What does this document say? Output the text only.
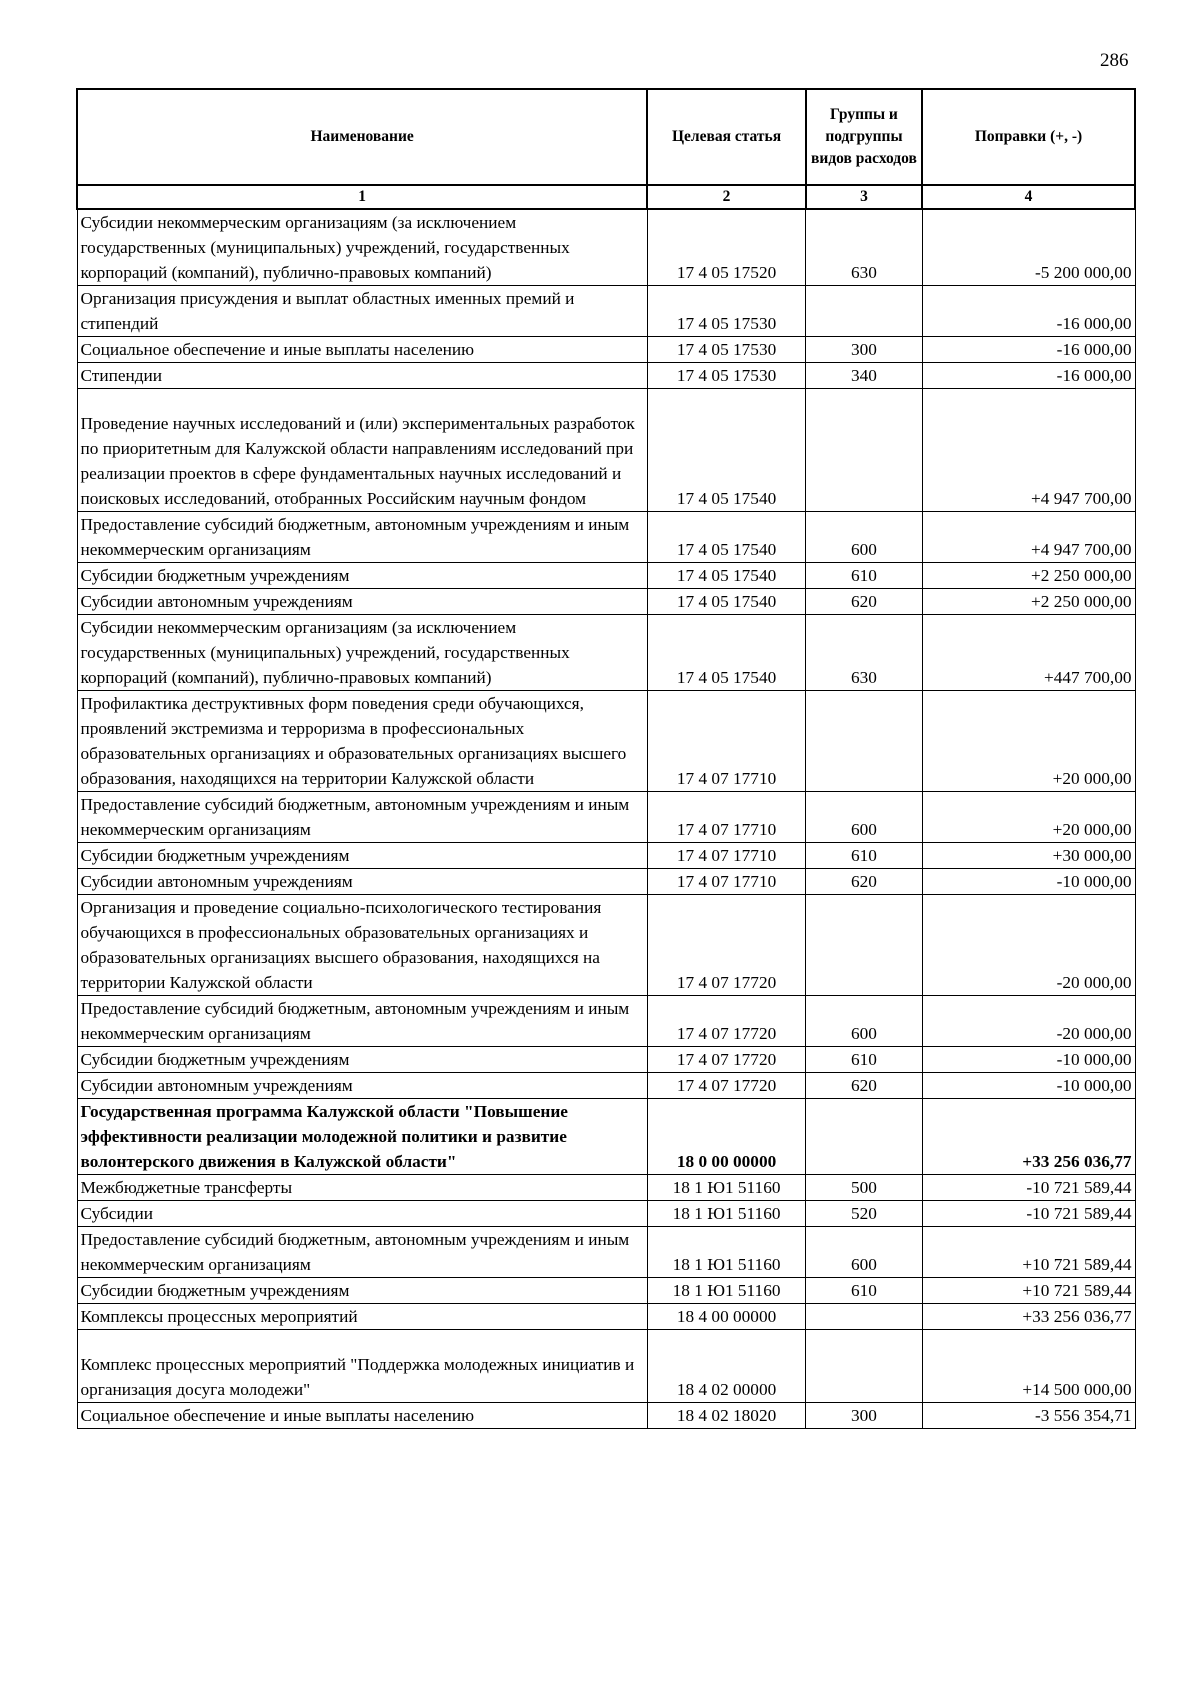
286
Наименование	Целевая статья	Группы и подгруппы видов расходов	Поправки (+, -)
1	2	3	4
Субсидии некоммерческим организациям (за исключением государственных (муниципальных) учреждений, государственных корпораций (компаний), публично-правовых компаний)	17 4 05 17520	630	-5 200 000,00
Организация присуждения и выплат областных именных премий и стипендий	17 4 05 17530		-16 000,00
Социальное обеспечение и иные выплаты населению	17 4 05 17530	300	-16 000,00
Стипендии	17 4 05 17530	340	-16 000,00
Проведение научных исследований и (или) экспериментальных разработок по приоритетным для Калужской области направлениям исследований при реализации проектов в сфере фундаментальных научных исследований и поисковых исследований, отобранных Российским научным фондом	17 4 05 17540		+4 947 700,00
Предоставление субсидий бюджетным, автономным учреждениям и иным некоммерческим организациям	17 4 05 17540	600	+4 947 700,00
Субсидии бюджетным учреждениям	17 4 05 17540	610	+2 250 000,00
Субсидии автономным учреждениям	17 4 05 17540	620	+2 250 000,00
Субсидии некоммерческим организациям (за исключением государственных (муниципальных) учреждений, государственных корпораций (компаний), публично-правовых компаний)	17 4 05 17540	630	+447 700,00
Профилактика деструктивных форм поведения среди обучающихся, проявлений экстремизма и терроризма в профессиональных образовательных организациях и образовательных организациях высшего образования, находящихся на территории Калужской области	17 4 07 17710		+20 000,00
Предоставление субсидий бюджетным, автономным учреждениям и иным некоммерческим организациям	17 4 07 17710	600	+20 000,00
Субсидии бюджетным учреждениям	17 4 07 17710	610	+30 000,00
Субсидии автономным учреждениям	17 4 07 17710	620	-10 000,00
Организация и проведение социально-психологического тестирования обучающихся в профессиональных образовательных организациях и образовательных организациях высшего образования, находящихся на территории Калужской области	17 4 07 17720		-20 000,00
Предоставление субсидий бюджетным, автономным учреждениям и иным некоммерческим организациям	17 4 07 17720	600	-20 000,00
Субсидии бюджетным учреждениям	17 4 07 17720	610	-10 000,00
Субсидии автономным учреждениям	17 4 07 17720	620	-10 000,00
Государственная программа Калужской области "Повышение эффективности реализации молодежной политики и развитие волонтерского движения в Калужской области"	18 0 00 00000		+33 256 036,77
Межбюджетные трансферты	18 1 Ю1 51160	500	-10 721 589,44
Субсидии	18 1 Ю1 51160	520	-10 721 589,44
Предоставление субсидий бюджетным, автономным учреждениям и иным некоммерческим организациям	18 1 Ю1 51160	600	+10 721 589,44
Субсидии бюджетным учреждениям	18 1 Ю1 51160	610	+10 721 589,44
Комплексы процессных мероприятий	18 4 00 00000		+33 256 036,77
Комплекс процессных мероприятий "Поддержка молодежных инициатив и организация досуга молодежи"	18 4 02 00000		+14 500 000,00
Социальное обеспечение и иные выплаты населению	18 4 02 18020	300	-3 556 354,71
